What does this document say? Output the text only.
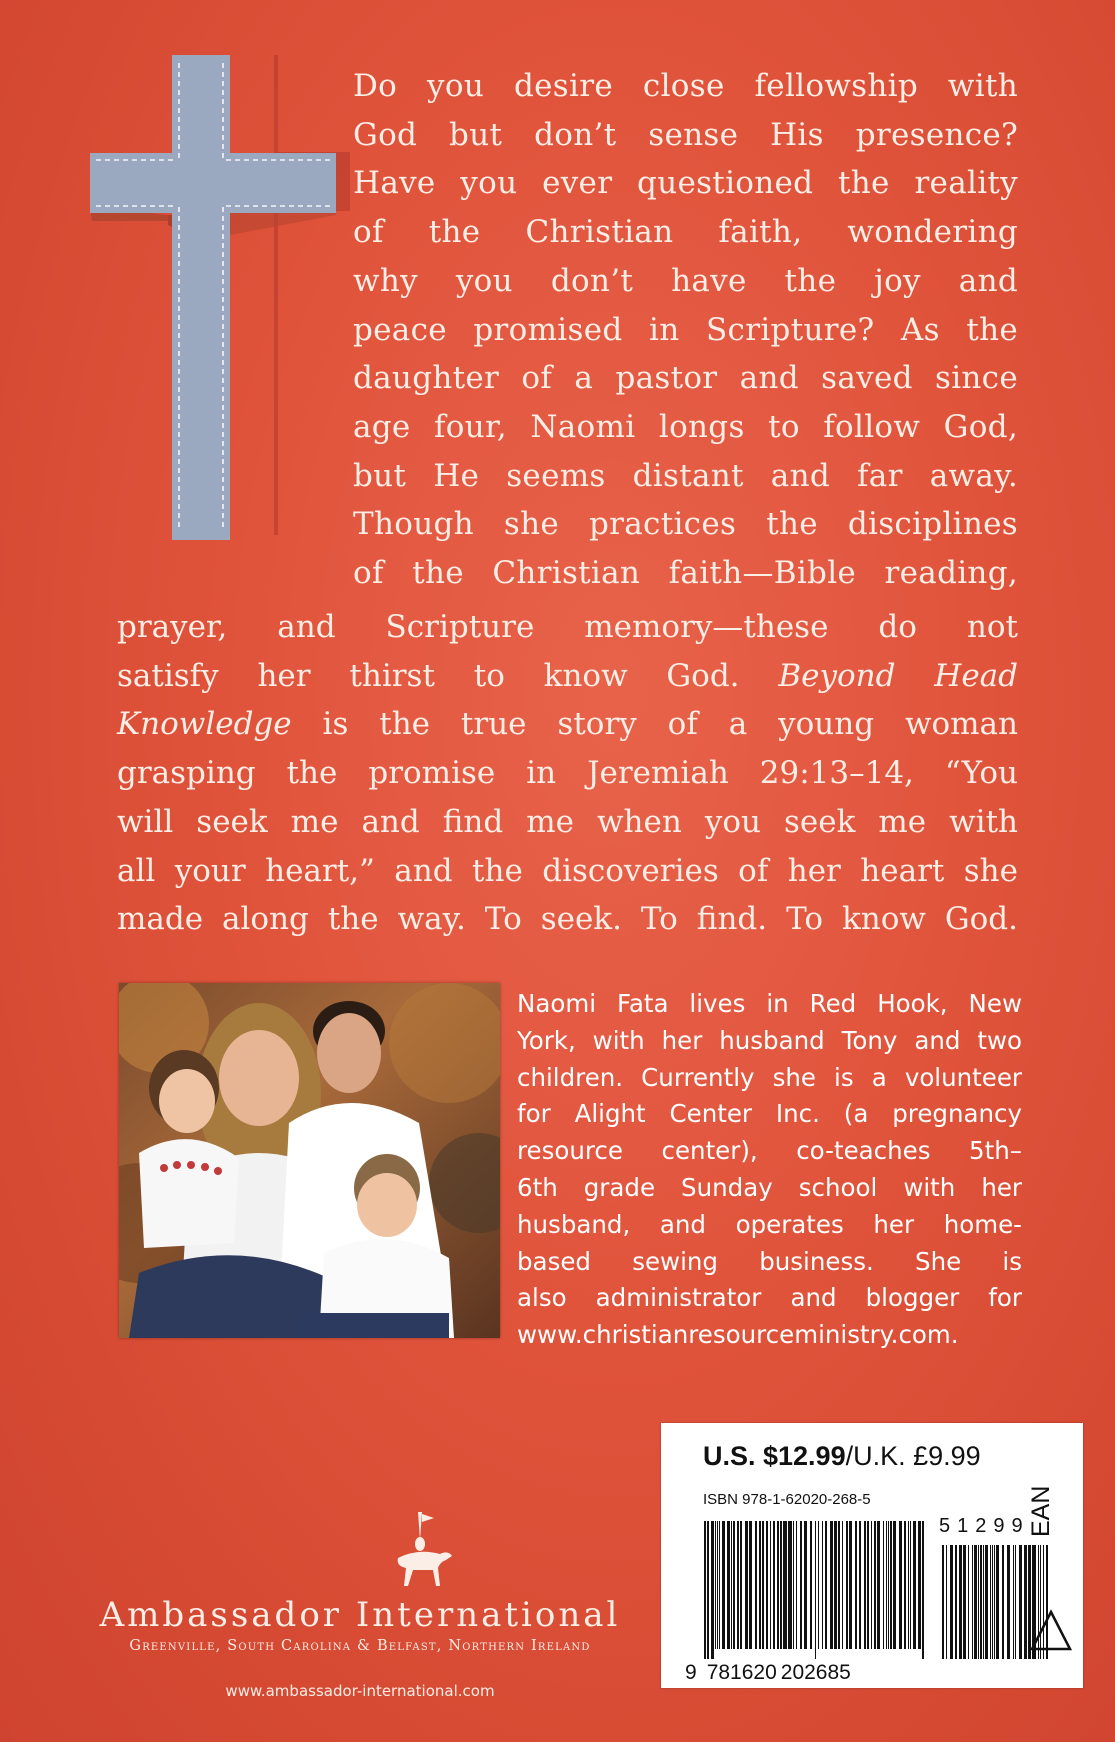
Do you desire close fellowship with
God but don’t sense His presence?
Have you ever questioned the reality
of the Christian faith, wondering
why you don’t have the joy and
peace promised in Scripture? As the
daughter of a pastor and saved since
age four, Naomi longs to follow God,
but He seems distant and far away.
Though she practices the disciplines
of the Christian faith—Bible reading,
prayer, and Scripture memory—these do not
satisfy her thirst to know God. Beyond Head
Knowledge is the true story of a young woman
grasping the promise in Jeremiah 29:13–14, “You
will seek me and find me when you seek me with
all your heart,” and the discoveries of her heart she
made along the way. To seek. To find. To know God.
Naomi Fata lives in Red Hook, New
York, with her husband Tony and two
children. Currently she is a volunteer
for Alight Center Inc. (a pregnancy
resource center), co-teaches 5th–
6th grade Sunday school with her
husband, and operates her home-
based sewing business. She is
also administrator and blogger for
www.christianresourceministry.com.
Ambassador International
Greenville, South Carolina & Belfast, Northern Ireland
www.ambassador-international.com
U.S. $12.99/U.K. £9.99
ISBN 978-1-62020-268-5
51299
9 781620 202685
EAN
